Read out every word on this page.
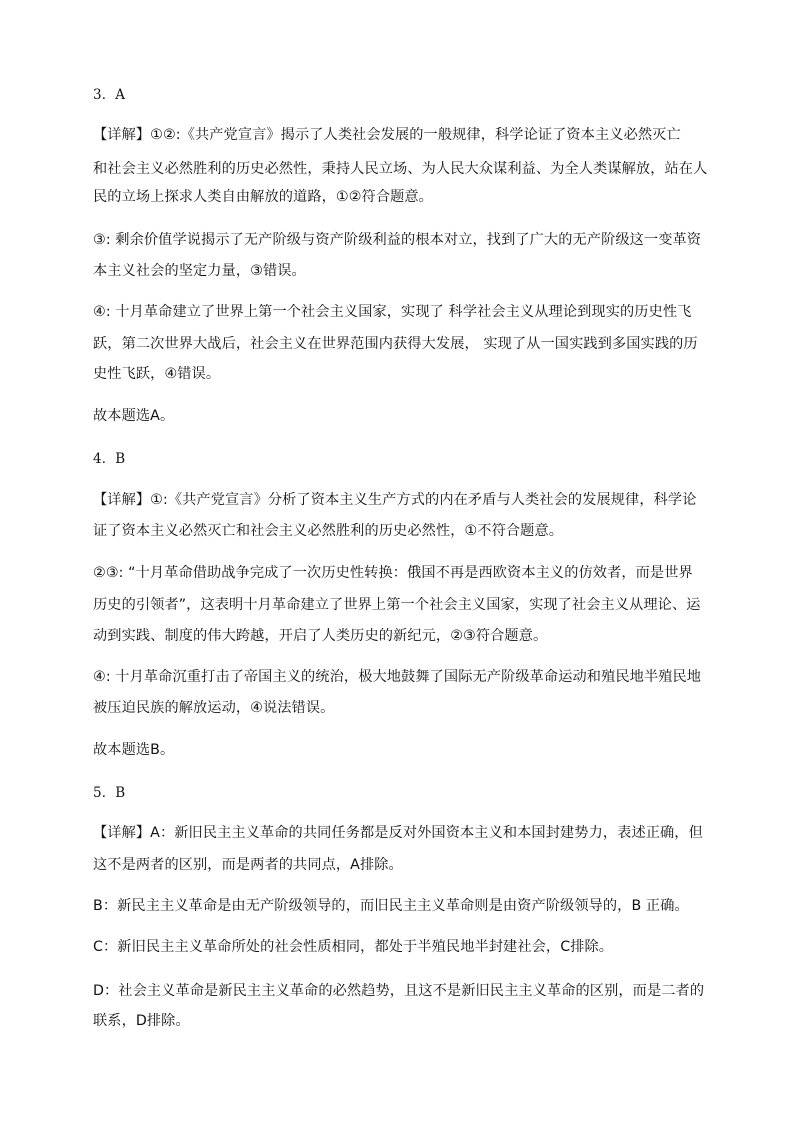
3．A
【详解】①②:《共产党宣言》揭示了人类社会发展的一般规律，科学论证了资本主义必然灭亡
和社会主义必然胜利的历史必然性，秉持人民立场、为人民大众谋利益、为全人类谋解放，站在人
民的立场上探求人类自由解放的道路，①②符合题意。
③: 剩余价值学说揭示了无产阶级与资产阶级利益的根本对立，找到了广大的无产阶级这一变革资
本主义社会的坚定力量，③错误。
④: 十月革命建立了世界上第一个社会主义国家，实现了 科学社会主义从理论到现实的历史性飞
跃，第二次世界大战后，社会主义在世界范围内获得大发展， 实现了从一国实践到多国实践的历
史性飞跃，④错误。
故本题选A。
4．B
【详解】①:《共产党宣言》分析了资本主义生产方式的内在矛盾与人类社会的发展规律，科学论
证了资本主义必然灭亡和社会主义必然胜利的历史必然性，①不符合题意。
②③: “十月革命借助战争完成了一次历史性转换：俄国不再是西欧资本主义的仿效者，而是世界
历史的引领者”，这表明十月革命建立了世界上第一个社会主义国家，实现了社会主义从理论、运
动到实践、制度的伟大跨越，开启了人类历史的新纪元，②③符合题意。
④: 十月革命沉重打击了帝国主义的统治，极大地鼓舞了国际无产阶级革命运动和殖民地半殖民地
被压迫民族的解放运动，④说法错误。
故本题选B。
5．B
【详解】A：新旧民主主义革命的共同任务都是反对外国资本主义和本国封建势力，表述正确，但
这不是两者的区别，而是两者的共同点，A排除。
B：新民主主义革命是由无产阶级领导的，而旧民主主义革命则是由资产阶级领导的，B 正确。
C：新旧民主主义革命所处的社会性质相同，都处于半殖民地半封建社会，C排除。
D：社会主义革命是新民主主义革命的必然趋势，且这不是新旧民主主义革命的区别，而是二者的
联系，D排除。
